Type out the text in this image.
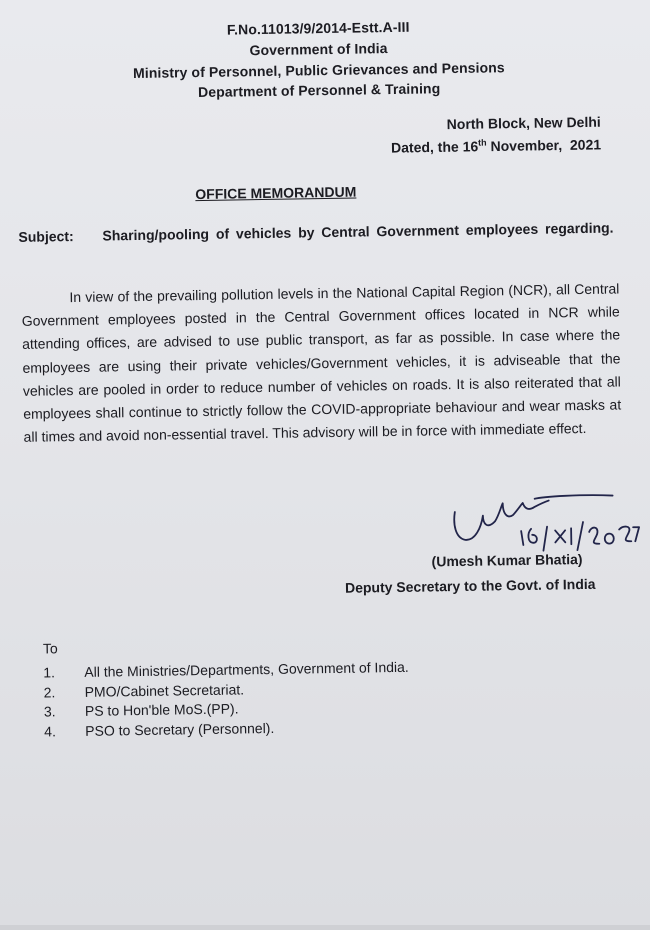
F.No.11013/9/2014-Estt.A-III
Government of India
Ministry of Personnel, Public Grievances and Pensions
Department of Personnel & Training
North Block, New Delhi
Dated, the 16th November,  2021
OFFICE MEMORANDUM
Subject: Sharing/pooling of vehicles by Central Government employees regarding.
In view of the prevailing pollution levels in the National Capital Region (NCR), all Central Government employees posted in the Central Government offices located in NCR while attending offices, are advised to use public transport, as far as possible. In case where the employees are using their private vehicles/Government vehicles, it is adviseable that the vehicles are pooled in order to reduce number of vehicles on roads. It is also reiterated that all employees shall continue to strictly follow the COVID-appropriate behaviour and wear masks at all times and avoid non-essential travel. This advisory will be in force with immediate effect.
(Umesh Kumar Bhatia)
Deputy Secretary to the Govt. of India
To
1.	All the Ministries/Departments, Government of India.
2.	PMO/Cabinet Secretariat.
3.	PS to Hon'ble MoS.(PP).
4.	PSO to Secretary (Personnel).
